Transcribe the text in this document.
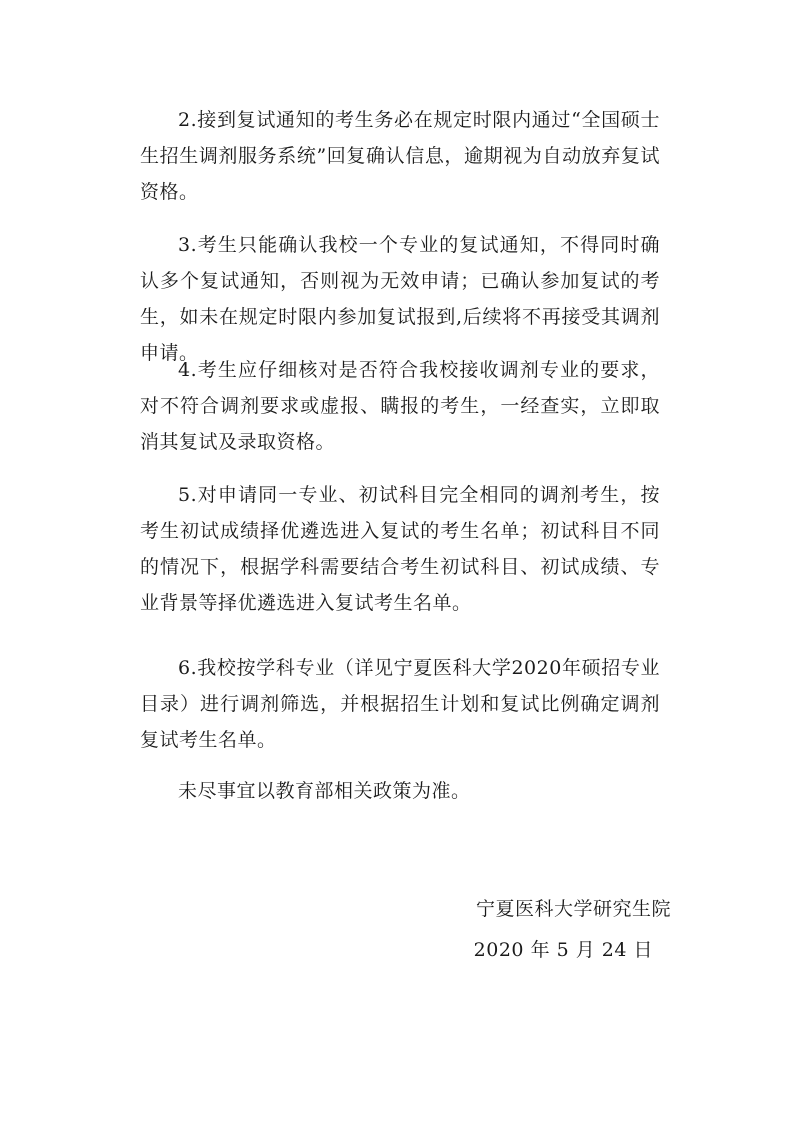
2.接到复试通知的考生务必在规定时限内通过“全国硕士生招生调剂服务系统”回复确认信息，逾期视为自动放弃复试资格。

3.考生只能确认我校一个专业的复试通知，不得同时确认多个复试通知，否则视为无效申请；已确认参加复试的考生，如未在规定时限内参加复试报到,后续将不再接受其调剂申请。

4.考生应仔细核对是否符合我校接收调剂专业的要求，对不符合调剂要求或虚报、瞒报的考生，一经查实，立即取消其复试及录取资格。

5.对申请同一专业、初试科目完全相同的调剂考生，按考生初试成绩择优遴选进入复试的考生名单；初试科目不同的情况下，根据学科需要结合考生初试科目、初试成绩、专业背景等择优遴选进入复试考生名单。

6.我校按学科专业（详见宁夏医科大学2020年硕招专业目录）进行调剂筛选，并根据招生计划和复试比例确定调剂复试考生名单。

未尽事宜以教育部相关政策为准。

宁夏医科大学研究生院
2020 年 5 月 24 日
